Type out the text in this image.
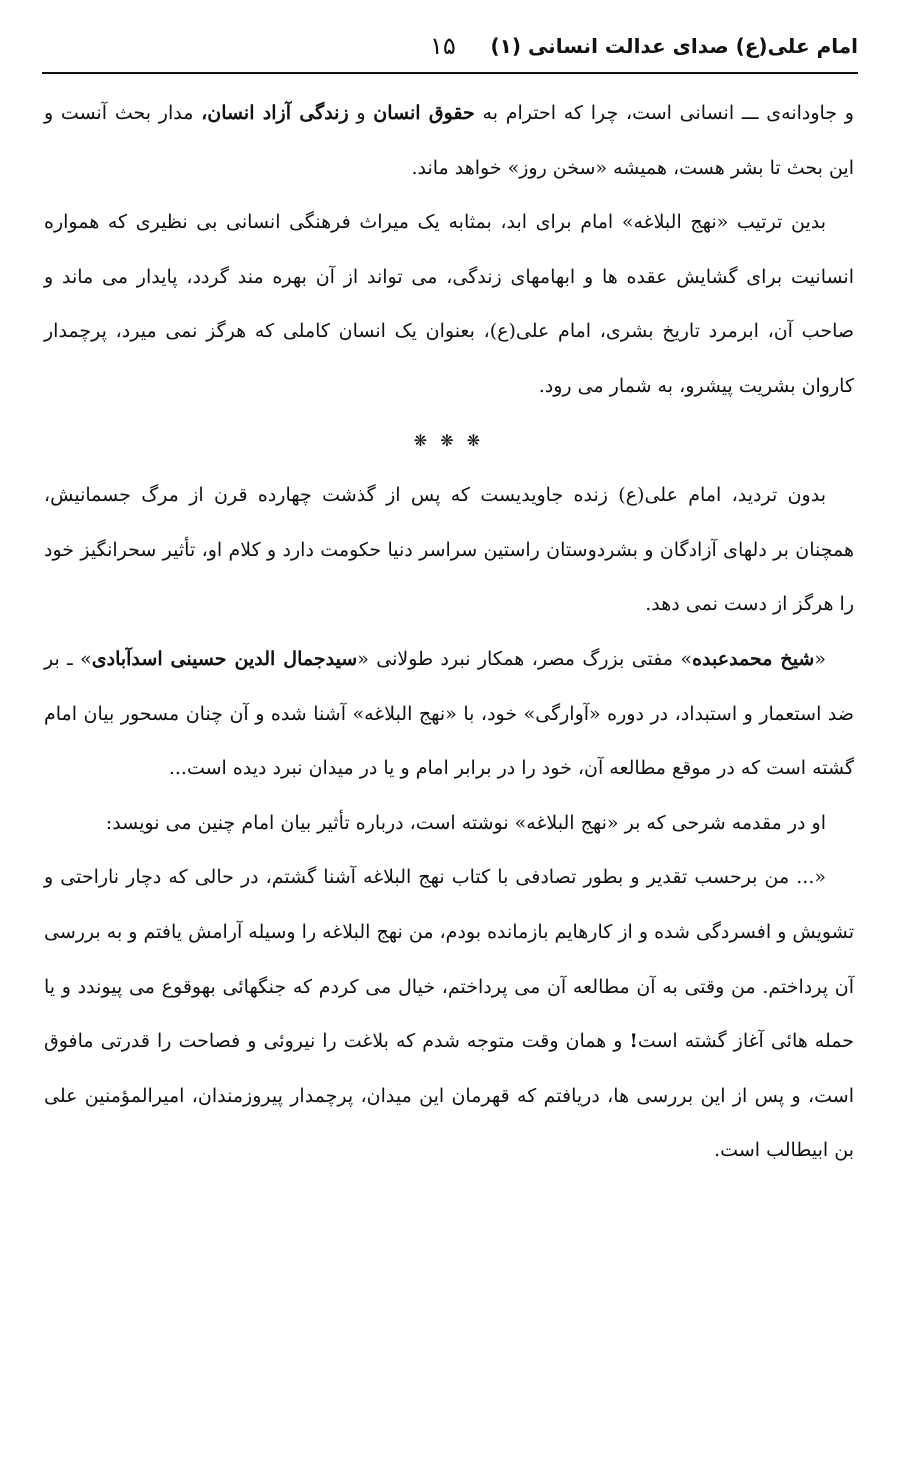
امام علی(ع) صدای عدالت انسانی (۱)
۱۵

و جاودانه‌ی ـــ انسانی است، چرا که احترام به حقوق انسان و زندگی آزاد انسان، مدار بحث آنست و این بحث تا بشر هست، همیشه «سخن روز» خواهد ماند.

بدین ترتیب «نهج البلاغه» امام برای ابد، بمثابه یک میراث فرهنگی انسانی بی نظیری که همواره انسانیت برای گشایش عقده ها و ابهامهای زندگی، می تواند از آن بهره مند گردد، پایدار می ماند و صاحب آن، ابرمرد تاریخ بشری، امام علی(ع)، بعنوان یک انسان کاملی که هرگز نمی میرد، پرچمدار کاروان بشریت پیشرو، به شمار می رود.

❋ ❋ ❋

بدون تردید، امام علی(ع) زنده جاویدیست که پس از گذشت چهارده قرن از مرگ جسمانیش، همچنان بر دلهای آزادگان و بشردوستان راستین سراسر دنیا حکومت دارد و کلام او، تأثیر سحرانگیز خود را هرگز از دست نمی دهد.

«شیخ محمدعبده» مفتی بزرگ مصر، همکار نبرد طولانی «سیدجمال الدین حسینی اسدآبادی» ـ بر ضد استعمار و استبداد، در دوره «آوارگی» خود، با «نهج البلاغه» آشنا شده و آن چنان مسحور بیان امام گشته است که در موقع مطالعه آن، خود را در برابر امام و یا در میدان نبرد دیده است...

او در مقدمه شرحی که بر «نهج البلاغه» نوشته است، درباره تأثیر بیان امام چنین می نویسد:

«... من برحسب تقدیر و بطور تصادفی با کتاب نهج البلاغه آشنا گشتم، در حالی که دچار ناراحتی و تشویش و افسردگی شده و از کارهایم بازمانده بودم، من نهج البلاغه را وسیله آرامش یافتم و به بررسی آن پرداختم. من وقتی به آن مطالعه آن می پرداختم، خیال می کردم که جنگهائی بهوقوع می پیوندد و یا حمله هائی آغاز گشته است! و همان وقت متوجه شدم که بلاغت را نیروئی و فصاحت را قدرتی مافوق است، و پس از این بررسی ها، دریافتم که قهرمان این میدان، پرچمدار پیروزمندان، امیرالمؤمنین علی بن ابیطالب است.
